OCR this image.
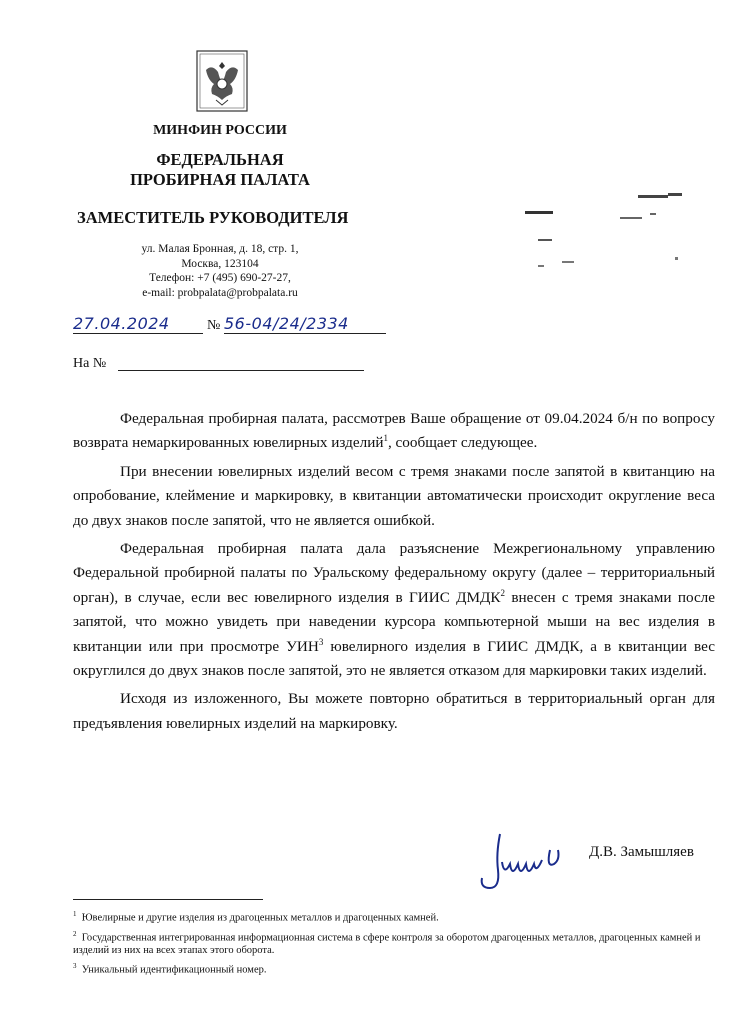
МИНФИН РОССИИ
ФЕДЕРАЛЬНАЯ
ПРОБИРНАЯ ПАЛАТА
ЗАМЕСТИТЕЛЬ РУКОВОДИТЕЛЯ
ул. Малая Бронная, д. 18, стр. 1,
Москва, 123104
Телефон: +7 (495) 690-27-27,
e-mail: probpalata@probpalata.ru
27.04.2024	№ 56-04/24/2334
На №

Федеральная пробирная палата, рассмотрев Ваше обращение от 09.04.2024 б/н по вопросу возврата немаркированных ювелирных изделий$^1$, сообщает следующее.

При внесении ювелирных изделий весом с тремя знаками после запятой в квитанцию на опробование, клеймение и маркировку, в квитанции автоматически происходит округление веса до двух знаков после запятой, что не является ошибкой.

Федеральная пробирная палата дала разъяснение Межрегиональному управлению Федеральной пробирной палаты по Уральскому федеральному округу (далее – территориальный орган), в случае, если вес ювелирного изделия в ГИИС ДМДК$^2$ внесен с тремя знаками после запятой, что можно увидеть при наведении курсора компьютерной мыши на вес изделия в квитанции или при просмотре УИН$^3$ ювелирного изделия в ГИИС ДМДК, а в квитанции вес округлился до двух знаков после запятой, это не является отказом для маркировки таких изделий.

Исходя из изложенного, Вы можете повторно обратиться в территориальный орган для предъявления ювелирных изделий на маркировку.

Д.В. Замышляев
$^1$ Ювелирные и другие изделия из драгоценных металлов и драгоценных камней.
$^2$ Государственная интегрированная информационная система в сфере контроля за оборотом драгоценных металлов, драгоценных камней и изделий из них на всех этапах этого оборота.
$^3$ Уникальный идентификационный номер.
